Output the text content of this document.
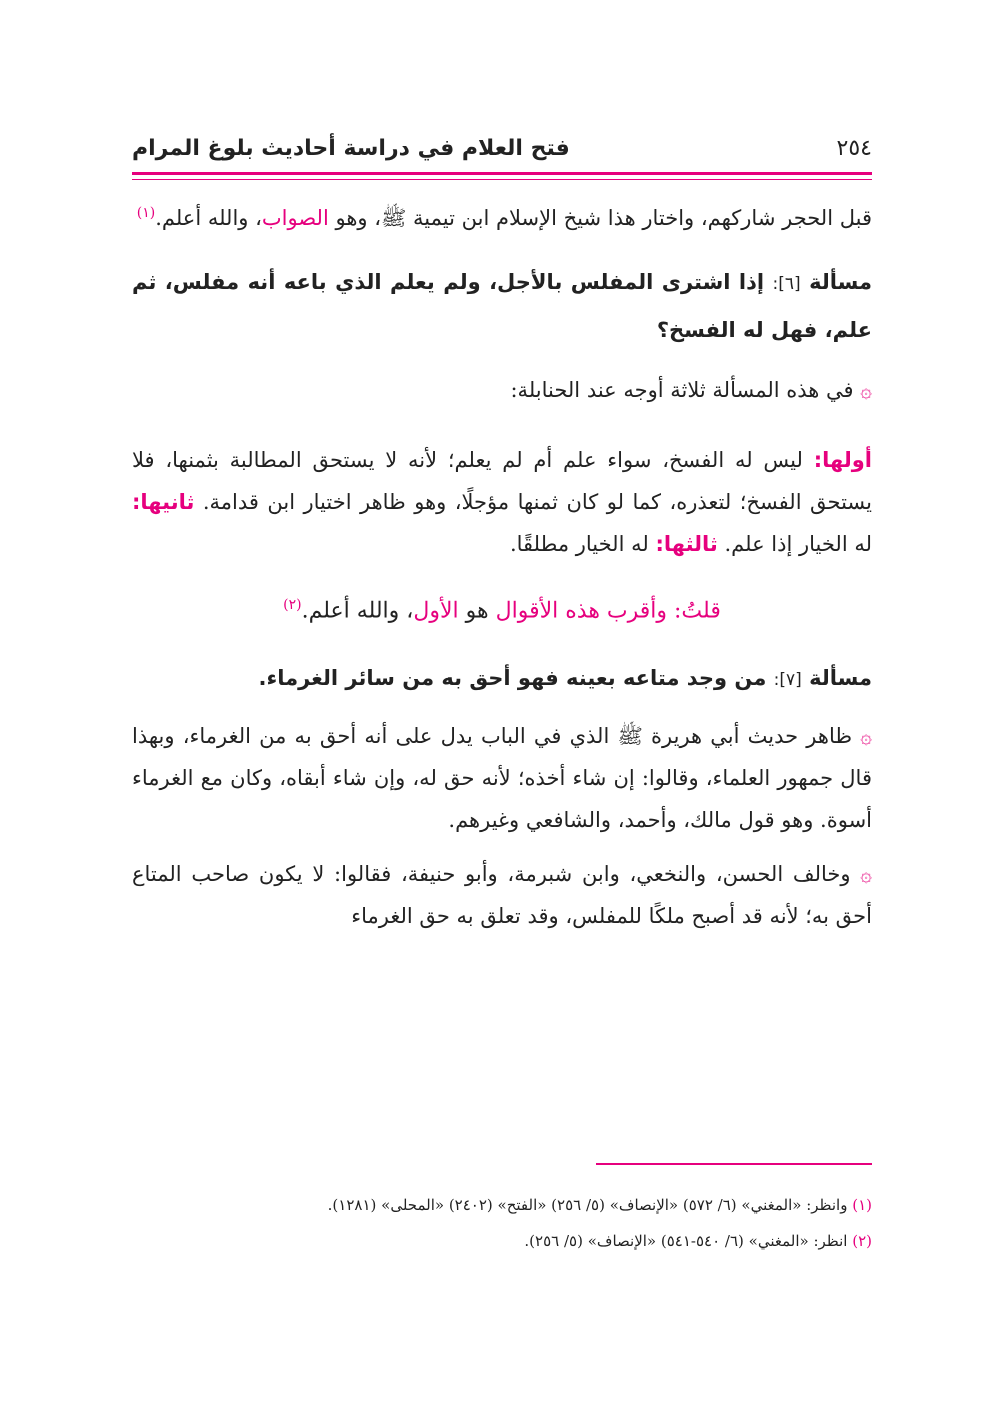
٢٥٤
فتح العلام في دراسة أحاديث بلوغ المرام

قبل الحجر شاركهم، واختار هذا شيخ الإسلام ابن تيمية ﷺ، وهو الصواب، والله أعلم.$^{(١)}$

مسألة [٦]: إذا اشترى المفلس بالأجل، ولم يعلم الذي باعه أنه مفلس، ثم علم، فهل له الفسخ؟

۞ في هذه المسألة ثلاثة أوجه عند الحنابلة:

أولها: ليس له الفسخ، سواء علم أم لم يعلم؛ لأنه لا يستحق المطالبة بثمنها، فلا يستحق الفسخ؛ لتعذره، كما لو كان ثمنها مؤجلًا، وهو ظاهر اختيار ابن قدامة. ثانيها: له الخيار إذا علم. ثالثها: له الخيار مطلقًا.

قلتُ: وأقرب هذه الأقوال هو الأول، والله أعلم.$^{(٢)}$

مسألة [٧]: من وجد متاعه بعينه فهو أحق به من سائر الغرماء.

۞ ظاهر حديث أبي هريرة ﷺ الذي في الباب يدل على أنه أحق به من الغرماء، وبهذا قال جمهور العلماء، وقالوا: إن شاء أخذه؛ لأنه حق له، وإن شاء أبقاه، وكان مع الغرماء أسوة. وهو قول مالك، وأحمد، والشافعي وغيرهم.

۞ وخالف الحسن، والنخعي، وابن شبرمة، وأبو حنيفة، فقالوا: لا يكون صاحب المتاع أحق به؛ لأنه قد أصبح ملكًا للمفلس، وقد تعلق به حق الغرماء

(١) وانظر: «المغني» (٦/ ٥٧٢) «الإنصاف» (٥/ ٢٥٦) «الفتح» (٢٤٠٢) «المحلى» (١٢٨١).

(٢) انظر: «المغني» (٦/ ٥٤٠-٥٤١) «الإنصاف» (٥/ ٢٥٦).
